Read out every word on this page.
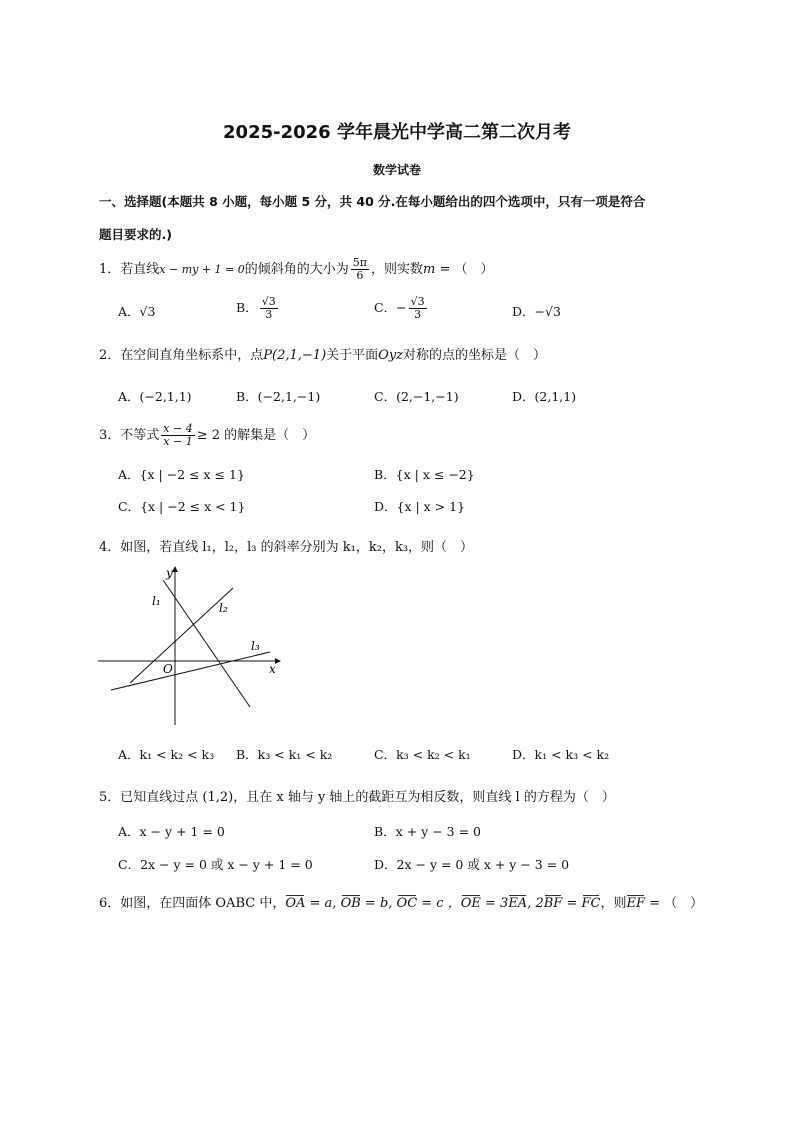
2025-2026 学年晨光中学高二第二次月考
数学试卷
一、选择题(本题共 8 小题，每小题 5 分，共 40 分.在每小题给出的四个选项中，只有一项是符合
题目要求的.)
1．若直线x − my + 1 = 0的倾斜角的大小为 $\frac{5\pi}{6}$ ，则实数m = （　）
A．√3	B． $\frac{√3}{3}$	C．− $\frac{√3}{3}$	D．−√3
2．在空间直角坐标系中，点P(2,1,−1)关于平面Oyz对称的点的坐标是（　）
A．(−2,1,1)	B．(−2,1,−1)	C．(2,−1,−1)	D．(2,1,1)
3．不等式 $\frac{x - 4}{x - 1} \ge 2$ 的解集是（　）
A．{x | −2 ≤ x ≤ 1}	B．{x | x ≤ −2}
C．{x | −2 ≤ x < 1}	D．{x | x > 1}
4．如图，若直线 l₁，l₂，l₃ 的斜率分别为 k₁，k₂，k₃，则（　）
x
y
O
l₁	l₂
l₃
A．k₁ < k₂ < k₃ B．k₃ < k₁ < k₂	C．k₃ < k₂ < k₁	D．k₁ < k₃ < k₂
5．已知直线过点 (1,2)，且在 x 轴与 y 轴上的截距互为相反数，则直线 l 的方程为（　）
A．x − y + 1 = 0	B．x + y − 3 = 0
C．2x − y = 0 或 x − y + 1 = 0	D．2x − y = 0 或 x + y − 3 = 0
6．如图，在四面体 OABC 中，OA = a, OB = b, OC = c ，OE = 3EA, 2BF = FC，则EF = （　）
